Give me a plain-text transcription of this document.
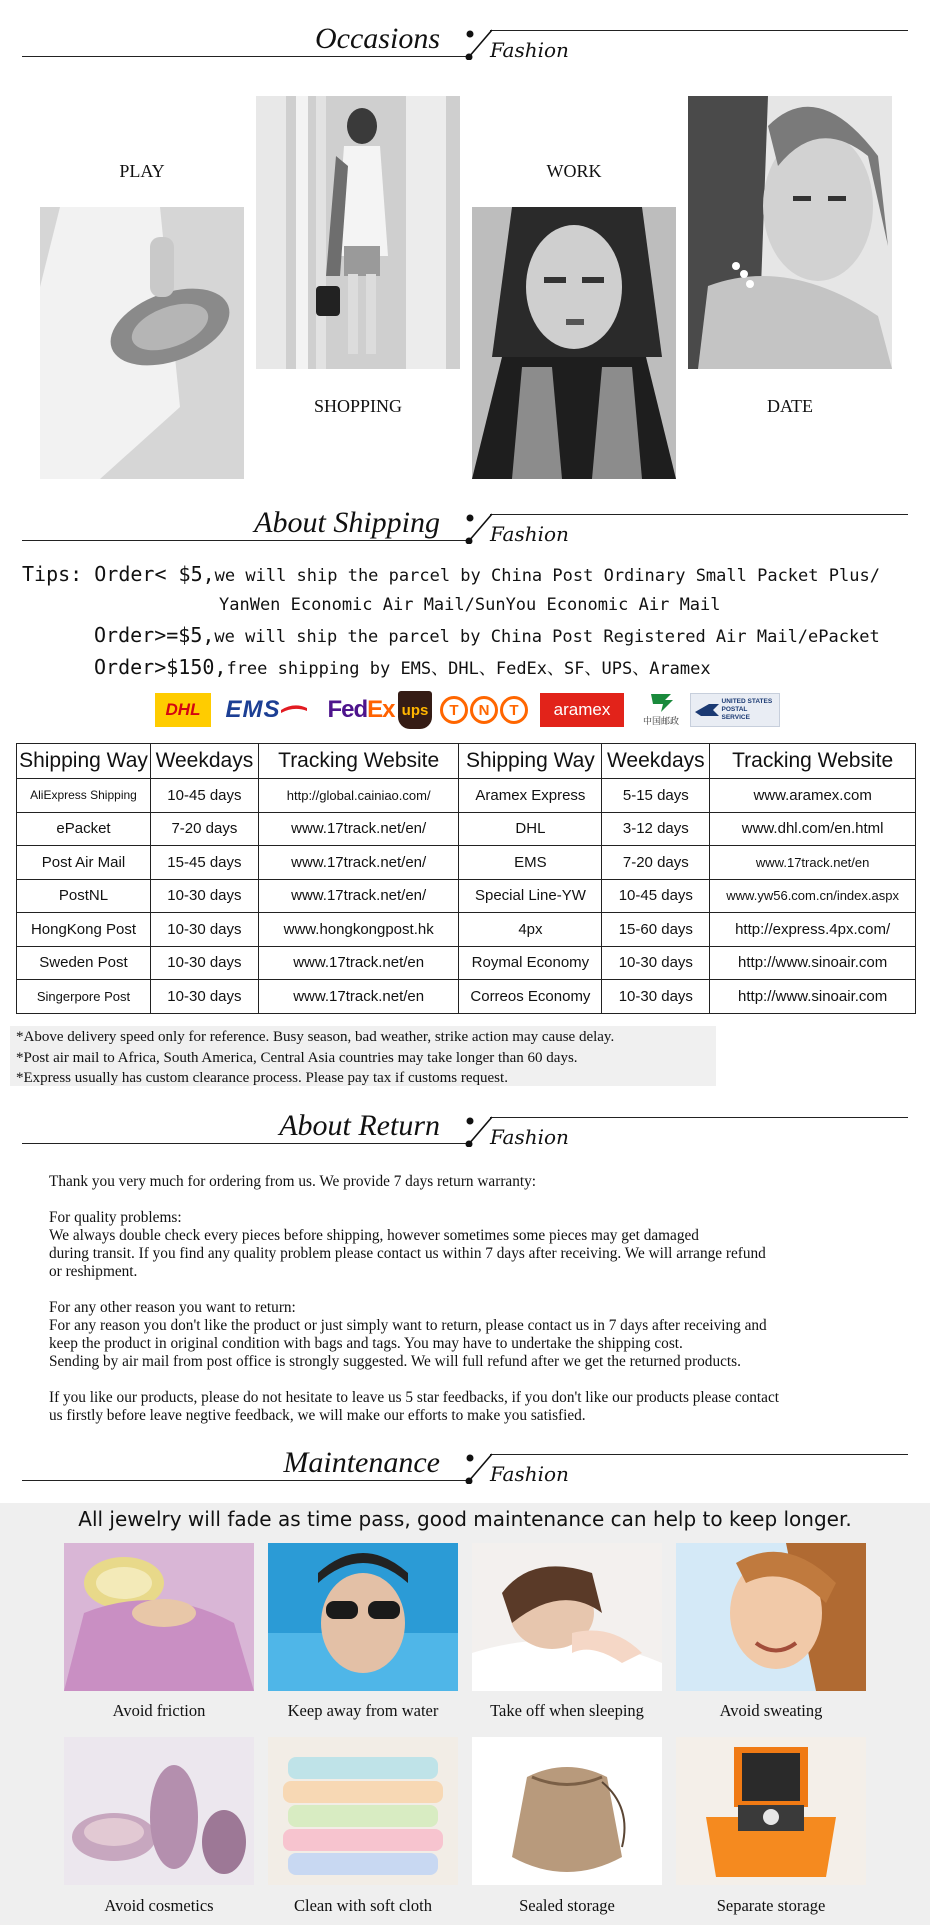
Occasions	Fashion
PLAY
SHOPPING
WORK
DATE
About Shipping	Fashion
Tips: Order< $5,we will ship the parcel by China Post Ordinary Small Packet Plus/
YanWen Economic Air Mail/SunYou Economic Air Mail
Order>=$5,we will ship the parcel by China Post Registered Air Mail/ePacket
Order>$150,free shipping by EMS、DHL、FedEx、SF、UPS、Aramex
DHL EMS Fed Ex ups	T	N	T	aramex
中国邮政
UNITED STATES POSTAL SERVICE
Shipping Way	Weekdays	Tracking Website	Shipping Way	Weekdays	Tracking Website
AliExpress Shipping	10-45 days	http://global.cainiao.com/	Aramex Express	5-15 days	www.aramex.com
ePacket	7-20 days	www.17track.net/en/	DHL	3-12 days	www.dhl.com/en.html
Post Air Mail	15-45 days	www.17track.net/en/	EMS	7-20 days	www.17track.net/en
PostNL	10-30 days	www.17track.net/en/	Special Line-YW	10-45 days	www.yw56.com.cn/index.aspx
HongKong Post	10-30 days	www.hongkongpost.hk	4px	15-60 days	http://express.4px.com/
Sweden Post	10-30 days	www.17track.net/en	Roymal Economy	10-30 days	http://www.sinoair.com
Singerpore Post	10-30 days	www.17track.net/en	Correos Economy	10-30 days	http://www.sinoair.com
*Above delivery speed only for reference. Busy season, bad weather, strike action may cause delay.
*Post air mail to Africa, South America, Central Asia countries may take longer than 60 days.
*Express usually has custom clearance process. Please pay tax if customs request.
About Return	Fashion

Thank you very much for ordering from us. We provide 7 days return warranty:

For quality problems:

We always double check every pieces before shipping, however sometimes some pieces may get damaged

during transit. If you find any quality problem please contact us within 7 days after receiving. We will arrange refund

or reshipment.

For any other reason you want to return:

For any reason you don't like the product or just simply want to return, please contact us in 7 days after receiving and

keep the product in original condition with bags and tags. You may have to undertake the shipping cost.

Sending by air mail from post office is strongly suggested. We will full refund after we get the returned products.

If you like our products, please do not hesitate to leave us 5 star feedbacks, if you don't like our products please contact

us firstly before leave negtive feedback, we will make our efforts to make you satisfied.

Maintenance	Fashion
All jewelry will fade as time pass, good maintenance can help to keep longer.
Avoid friction	Keep away from water	Take off when sleeping	Avoid sweating
Avoid cosmetics	Clean with soft cloth	Sealed storage	Separate storage
